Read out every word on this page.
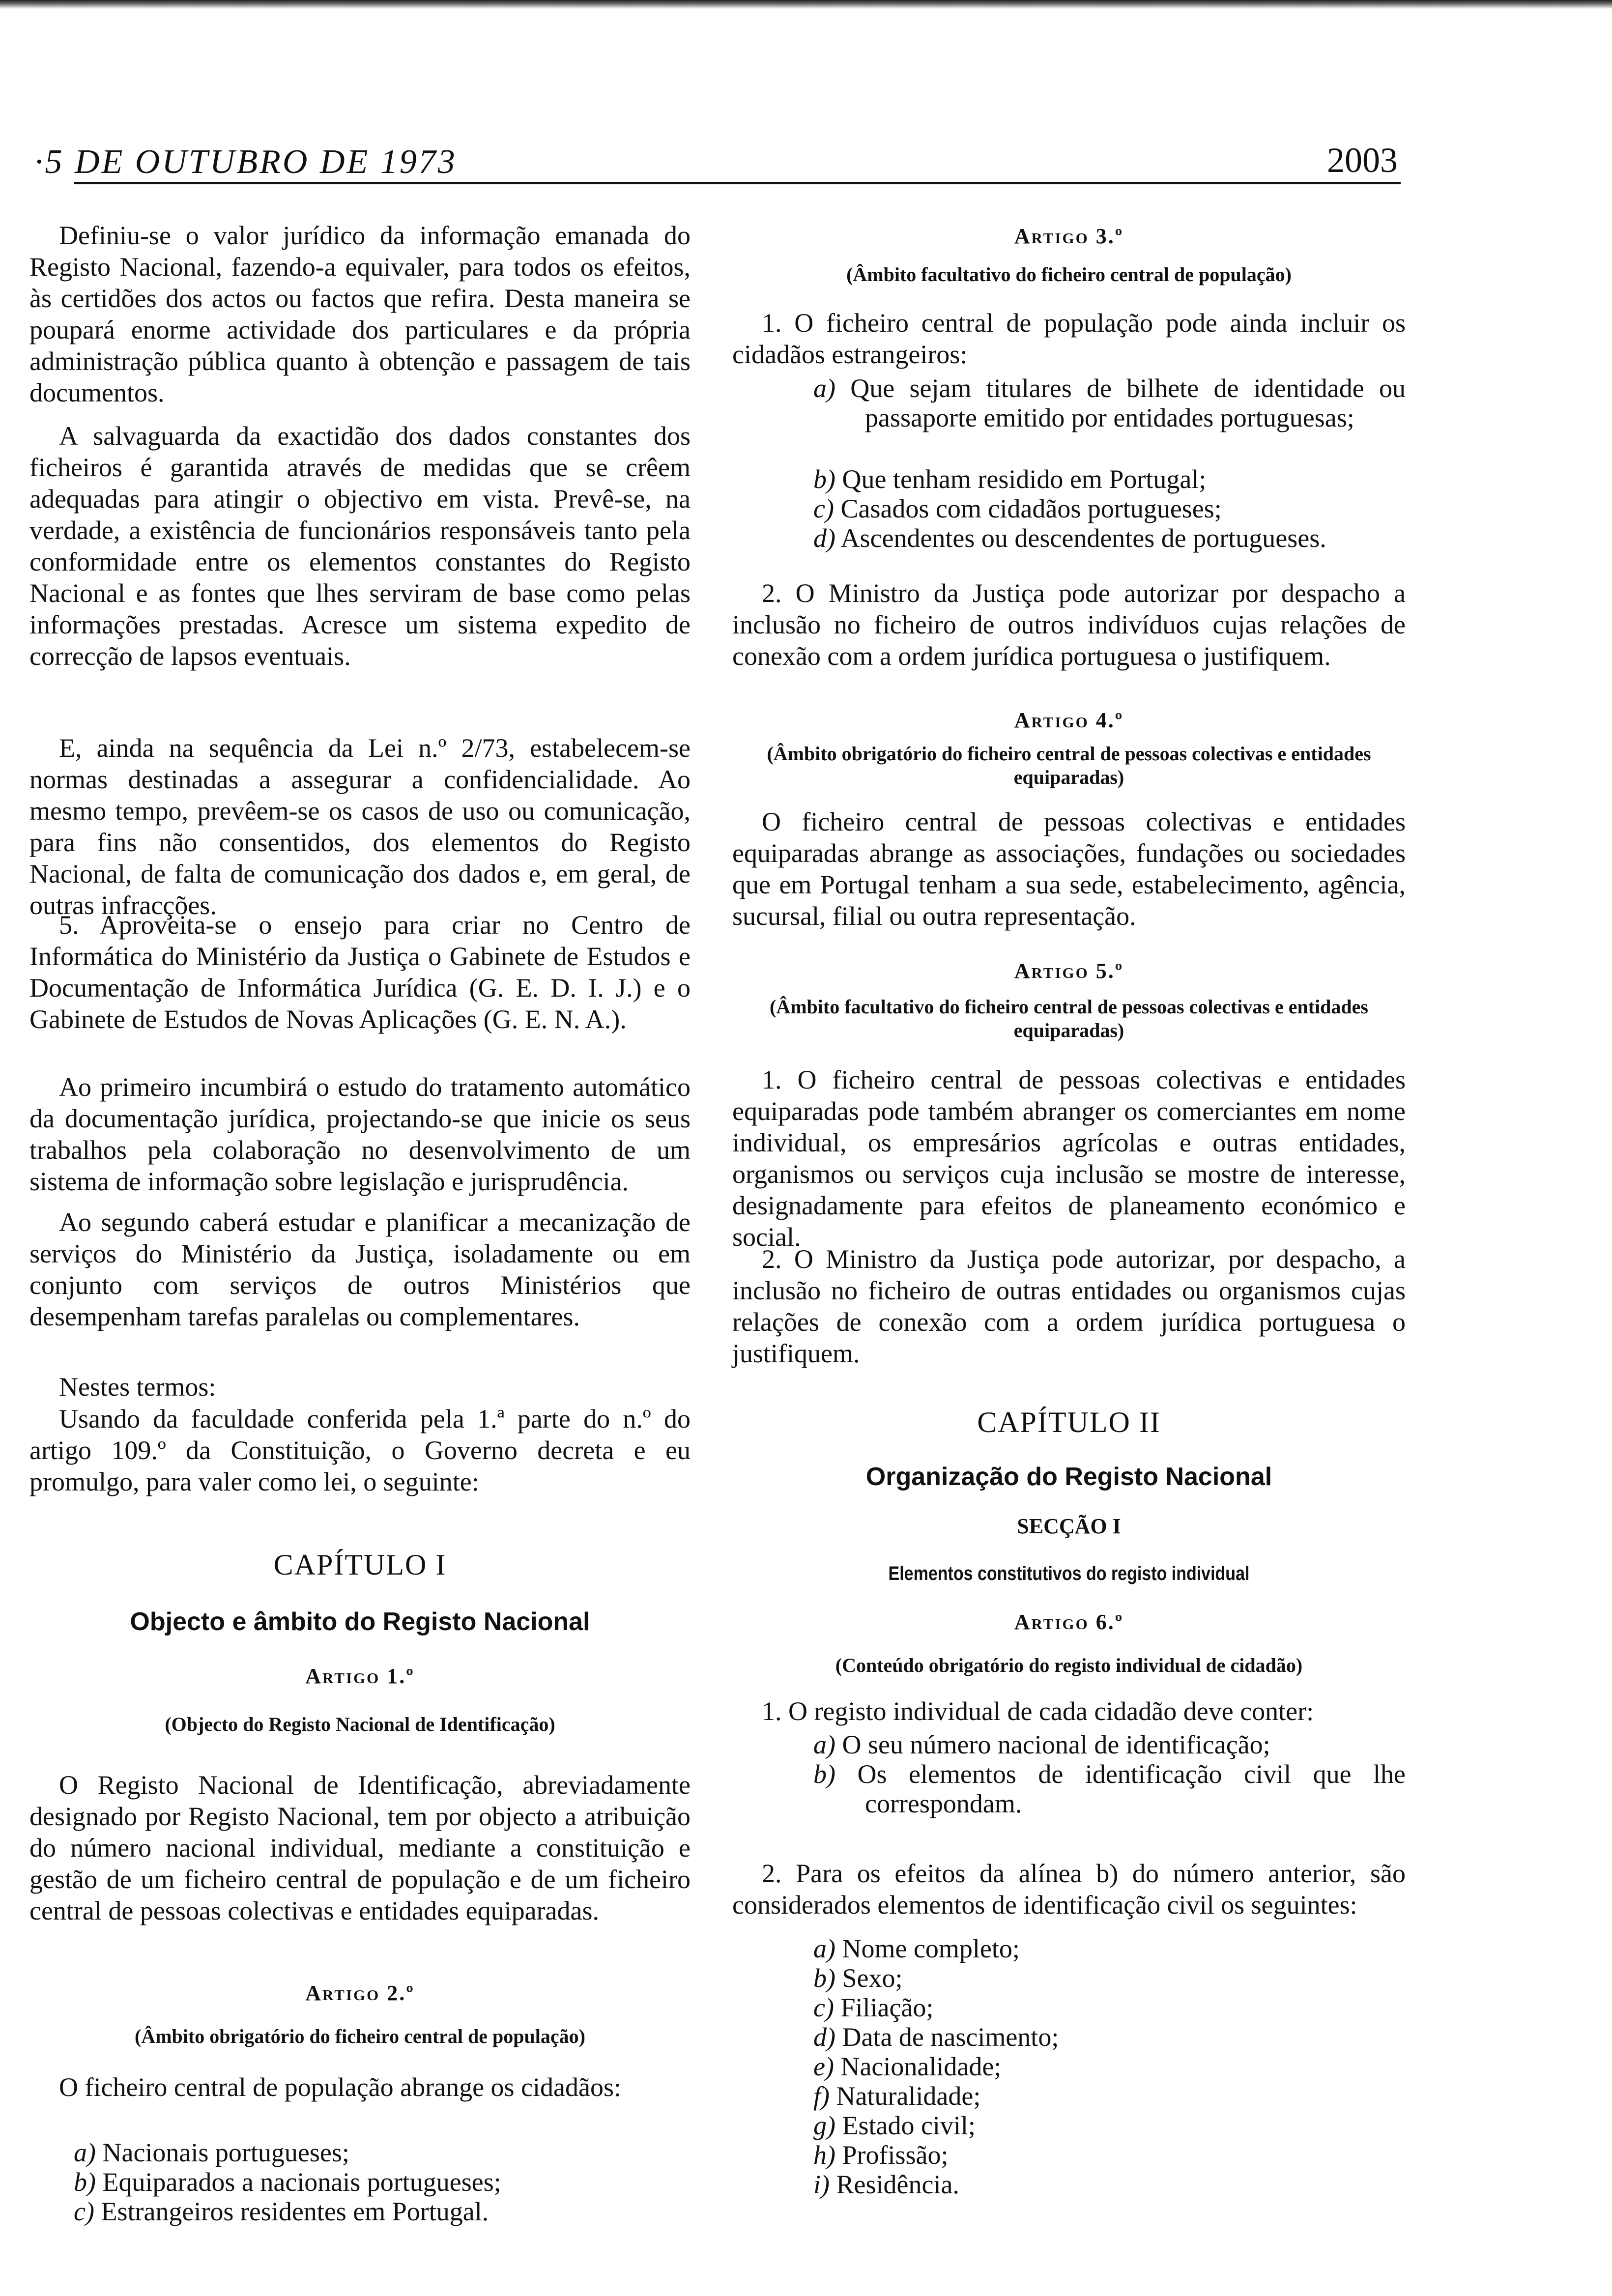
·5 DE OUTUBRO DE 1973	2003
Definiu-se o valor jurídico da informação emanada do Registo Nacional, fazendo-a equivaler, para todos os efeitos, às certidões dos actos ou factos que refira. Desta maneira se poupará enorme actividade dos particulares e da própria administração pública quanto à obtenção e passagem de tais documentos.
A salvaguarda da exactidão dos dados constantes dos ficheiros é garantida através de medidas que se crêem adequadas para atingir o objectivo em vista. Prevê-se, na verdade, a existência de funcionários responsáveis tanto pela conformidade entre os elementos constantes do Registo Nacional e as fontes que lhes serviram de base como pelas informações prestadas. Acresce um sistema expedito de correcção de lapsos eventuais.
E, ainda na sequência da Lei n.º 2/73, estabelecem-se normas destinadas a assegurar a confidencialidade. Ao mesmo tempo, prevêem-se os casos de uso ou comunicação, para fins não consentidos, dos elementos do Registo Nacional, de falta de comunicação dos dados e, em geral, de outras infracções.
5. Aproveita-se o ensejo para criar no Centro de Informática do Ministério da Justiça o Gabinete de Estudos e Documentação de Informática Jurídica (G. E. D. I. J.) e o Gabinete de Estudos de Novas Aplicações (G. E. N. A.).
Ao primeiro incumbirá o estudo do tratamento automático da documentação jurídica, projectando-se que inicie os seus trabalhos pela colaboração no desenvolvimento de um sistema de informação sobre legislação e jurisprudência.
Ao segundo caberá estudar e planificar a mecanização de serviços do Ministério da Justiça, isoladamente ou em conjunto com serviços de outros Ministérios que desempenham tarefas paralelas ou complementares.
Nestes termos:
Usando da faculdade conferida pela 1.ª parte do n.º do artigo 109.º da Constituição, o Governo decreta e eu promulgo, para valer como lei, o seguinte:
CAPÍTULO I
Objecto e âmbito do Registo Nacional
Artigo 1.º
(Objecto do Registo Nacional de Identificação)
O Registo Nacional de Identificação, abreviadamente designado por Registo Nacional, tem por objecto a atribuição do número nacional individual, mediante a constituição e gestão de um ficheiro central de população e de um ficheiro central de pessoas colectivas e entidades equiparadas.
Artigo 2.º
(Âmbito obrigatório do ficheiro central de população)
O ficheiro central de população abrange os cidadãos:
a) Nacionais portugueses;
b) Equiparados a nacionais portugueses;
c) Estrangeiros residentes em Portugal.
Artigo 3.º
(Âmbito facultativo do ficheiro central de população)
1. O ficheiro central de população pode ainda incluir os cidadãos estrangeiros:
a) Que sejam titulares de bilhete de identidade ou passaporte emitido por entidades portuguesas;
b) Que tenham residido em Portugal;
c) Casados com cidadãos portugueses;
d) Ascendentes ou descendentes de portugueses.
2. O Ministro da Justiça pode autorizar por despacho a inclusão no ficheiro de outros indivíduos cujas relações de conexão com a ordem jurídica portuguesa o justifiquem.
Artigo 4.º
(Âmbito obrigatório do ficheiro central de pessoas colectivas e entidades equiparadas)
O ficheiro central de pessoas colectivas e entidades equiparadas abrange as associações, fundações ou sociedades que em Portugal tenham a sua sede, estabelecimento, agência, sucursal, filial ou outra representação.
Artigo 5.º
(Âmbito facultativo do ficheiro central de pessoas colectivas e entidades equiparadas)
1. O ficheiro central de pessoas colectivas e entidades equiparadas pode também abranger os comerciantes em nome individual, os empresários agrícolas e outras entidades, organismos ou serviços cuja inclusão se mostre de interesse, designadamente para efeitos de planeamento económico e social.
2. O Ministro da Justiça pode autorizar, por despacho, a inclusão no ficheiro de outras entidades ou organismos cujas relações de conexão com a ordem jurídica portuguesa o justifiquem.
CAPÍTULO II
Organização do Registo Nacional
SECÇÃO I
Elementos constitutivos do registo individual
Artigo 6.º
(Conteúdo obrigatório do registo individual de cidadão)
1. O registo individual de cada cidadão deve conter:
a) O seu número nacional de identificação;
b) Os elementos de identificação civil que lhe correspondam.
2. Para os efeitos da alínea b) do número anterior, são considerados elementos de identificação civil os seguintes:
a) Nome completo;
b) Sexo;
c) Filiação;
d) Data de nascimento;
e) Nacionalidade;
f) Naturalidade;
g) Estado civil;
h) Profissão;
i) Residência.
